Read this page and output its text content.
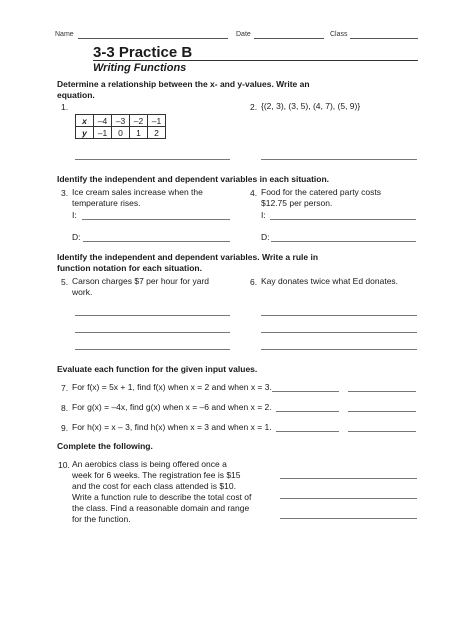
Name	Date	Class
3-3 Practice B
Writing Functions
Determine a relationship between the x- and y-values. Write an
equation.
1.
x	–4	–3	–2	–1
y	–1	0	1	2
2. {(2, 3), (3, 5), (4, 7), (5, 9)}
Identify the independent and dependent variables in each situation.
3. Ice cream sales increase when the
temperature rises.
4. Food for the catered party costs
$12.75 per person.
I:	I:
D:	D:
Identify the independent and dependent variables. Write a rule in
function notation for each situation.
5. Carson charges $7 per hour for yard
work.
6. Kay donates twice what Ed donates.
Evaluate each function for the given input values.
7. For f(x) = 5x + 1, find f(x) when x = 2 and when x = 3.
8. For g(x) = –4x, find g(x) when x = –6 and when x = 2.
9. For h(x) = x – 3, find h(x) when x = 3 and when x = 1.
Complete the following.
10. An aerobics class is being offered once a
week for 6 weeks. The registration fee is $15
and the cost for each class attended is $10.
Write a function rule to describe the total cost of
the class. Find a reasonable domain and range
for the function.
